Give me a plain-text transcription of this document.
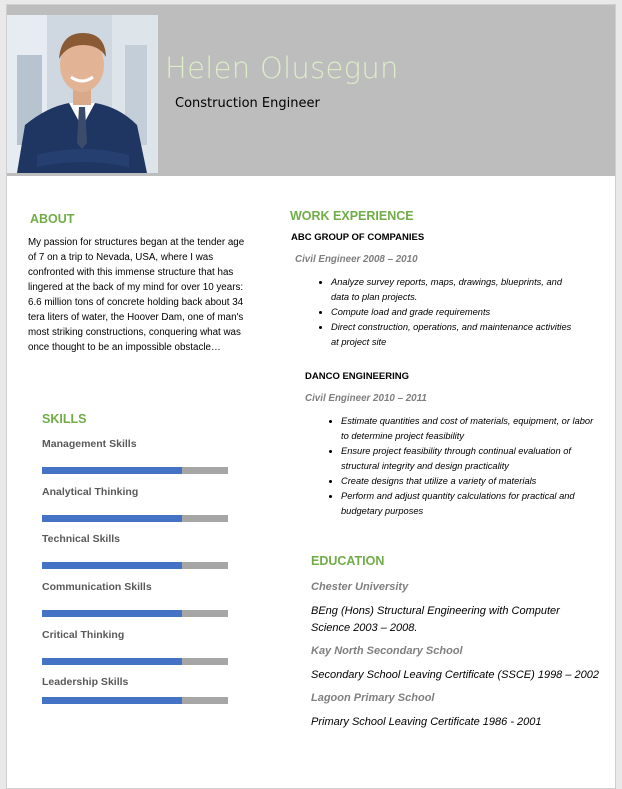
Helen Olusegun
Construction Engineer
ABOUT
My passion for structures began at the tender age of 7 on a trip to Nevada, USA, where I was confronted with this immense structure that has lingered at the back of my mind for over 10 years: 6.6 million tons of concrete holding back about 34 tera liters of water, the Hoover Dam, one of man's most striking constructions, conquering what was once thought to be an impossible obstacle…
SKILLS
Management Skills
Analytical Thinking
Technical Skills
Communication Skills
Critical Thinking
Leadership Skills
WORK EXPERIENCE
ABC GROUP OF COMPANIES
Civil Engineer 2008 – 2010
• Analyze survey reports, maps, drawings, blueprints, and data to plan projects.
• Compute load and grade requirements
• Direct construction, operations, and maintenance activities at project site
DANCO ENGINEERING
Civil Engineer 2010 – 2011
• Estimate quantities and cost of materials, equipment, or labor to determine project feasibility
• Ensure project feasibility through continual evaluation of structural integrity and design practicality
• Create designs that utilize a variety of materials
• Perform and adjust quantity calculations for practical and budgetary purposes
EDUCATION
Chester University
BEng (Hons) Structural Engineering with Computer Science 2003 – 2008.
Kay North Secondary School
Secondary School Leaving Certificate (SSCE) 1998 – 2002
Lagoon Primary School
Primary School Leaving Certificate 1986 - 2001
